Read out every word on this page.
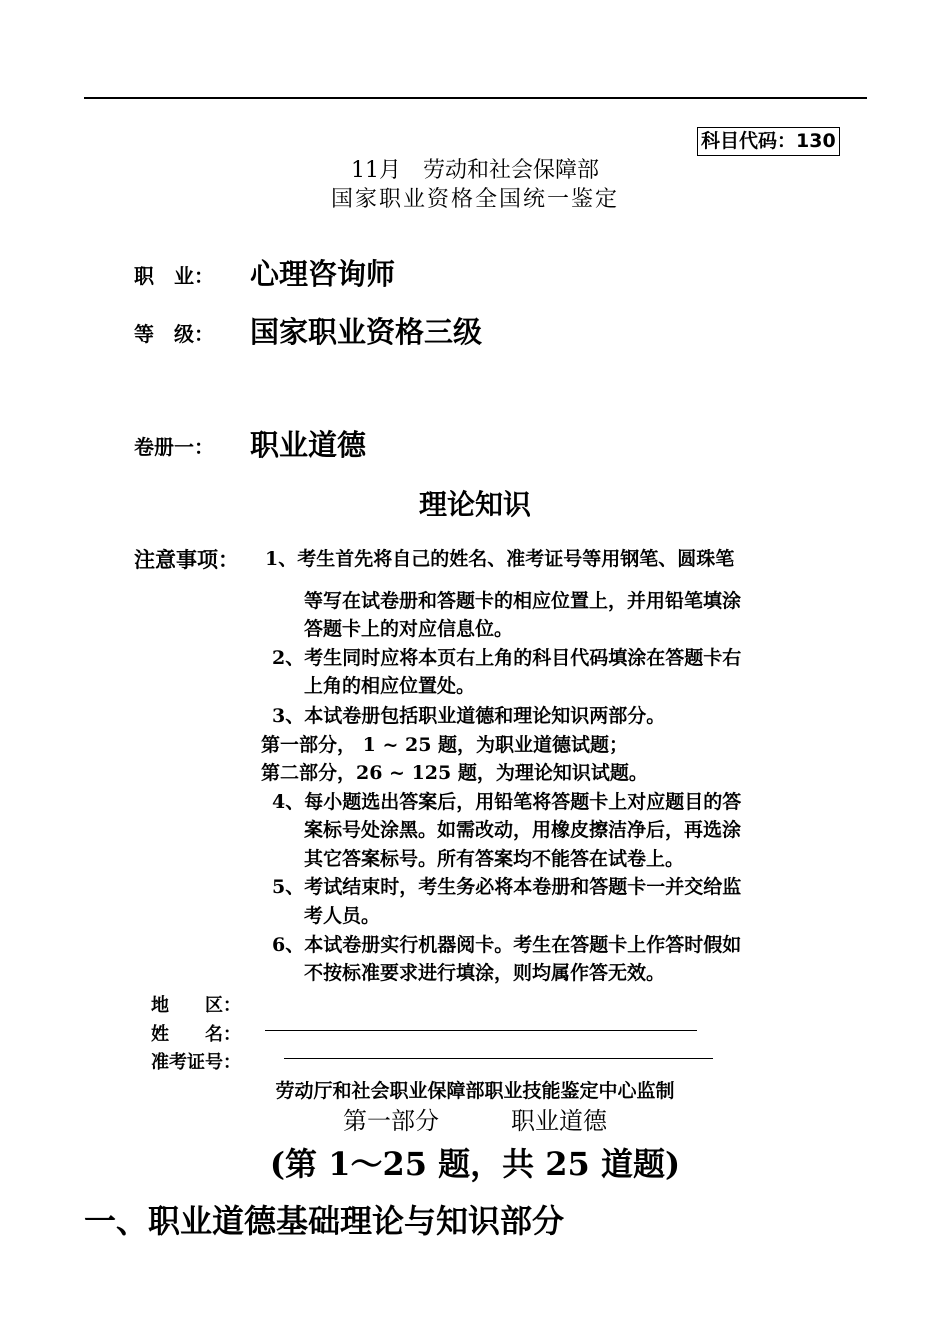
科目代码：130
11月　劳动和社会保障部
国家职业资格全国统一鉴定
职　业： 心理咨询师
等　级： 国家职业资格三级
卷册一： 职业道德
理论知识
注意事项： 1、考生首先将自己的姓名、准考证号等用钢笔、圆珠笔
等写在试卷册和答题卡的相应位置上，并用铅笔填涂
答题卡上的对应信息位。
2、考生同时应将本页右上角的科目代码填涂在答题卡右
上角的相应位置处。
3、本试卷册包括职业道德和理论知识两部分。
第一部分， 1 ~ 25 题，为职业道德试题；
第二部分，26 ~ 125 题，为理论知识试题。
4、每小题选出答案后，用铅笔将答题卡上对应题目的答
案标号处涂黑。如需改动，用橡皮擦洁净后，再选涂
其它答案标号。所有答案均不能答在试卷上。
5、考试结束时，考生务必将本卷册和答题卡一并交给监
考人员。
6、本试卷册实行机器阅卡。考生在答题卡上作答时假如
不按标准要求进行填涂，则均属作答无效。
地　　区：
姓　　名：
准考证号：
劳动厅和社会职业保障部职业技能鉴定中心监制
第一部分　　　职业道德
(第 1～25 题，共 25 道题)
一、职业道德基础理论与知识部分
